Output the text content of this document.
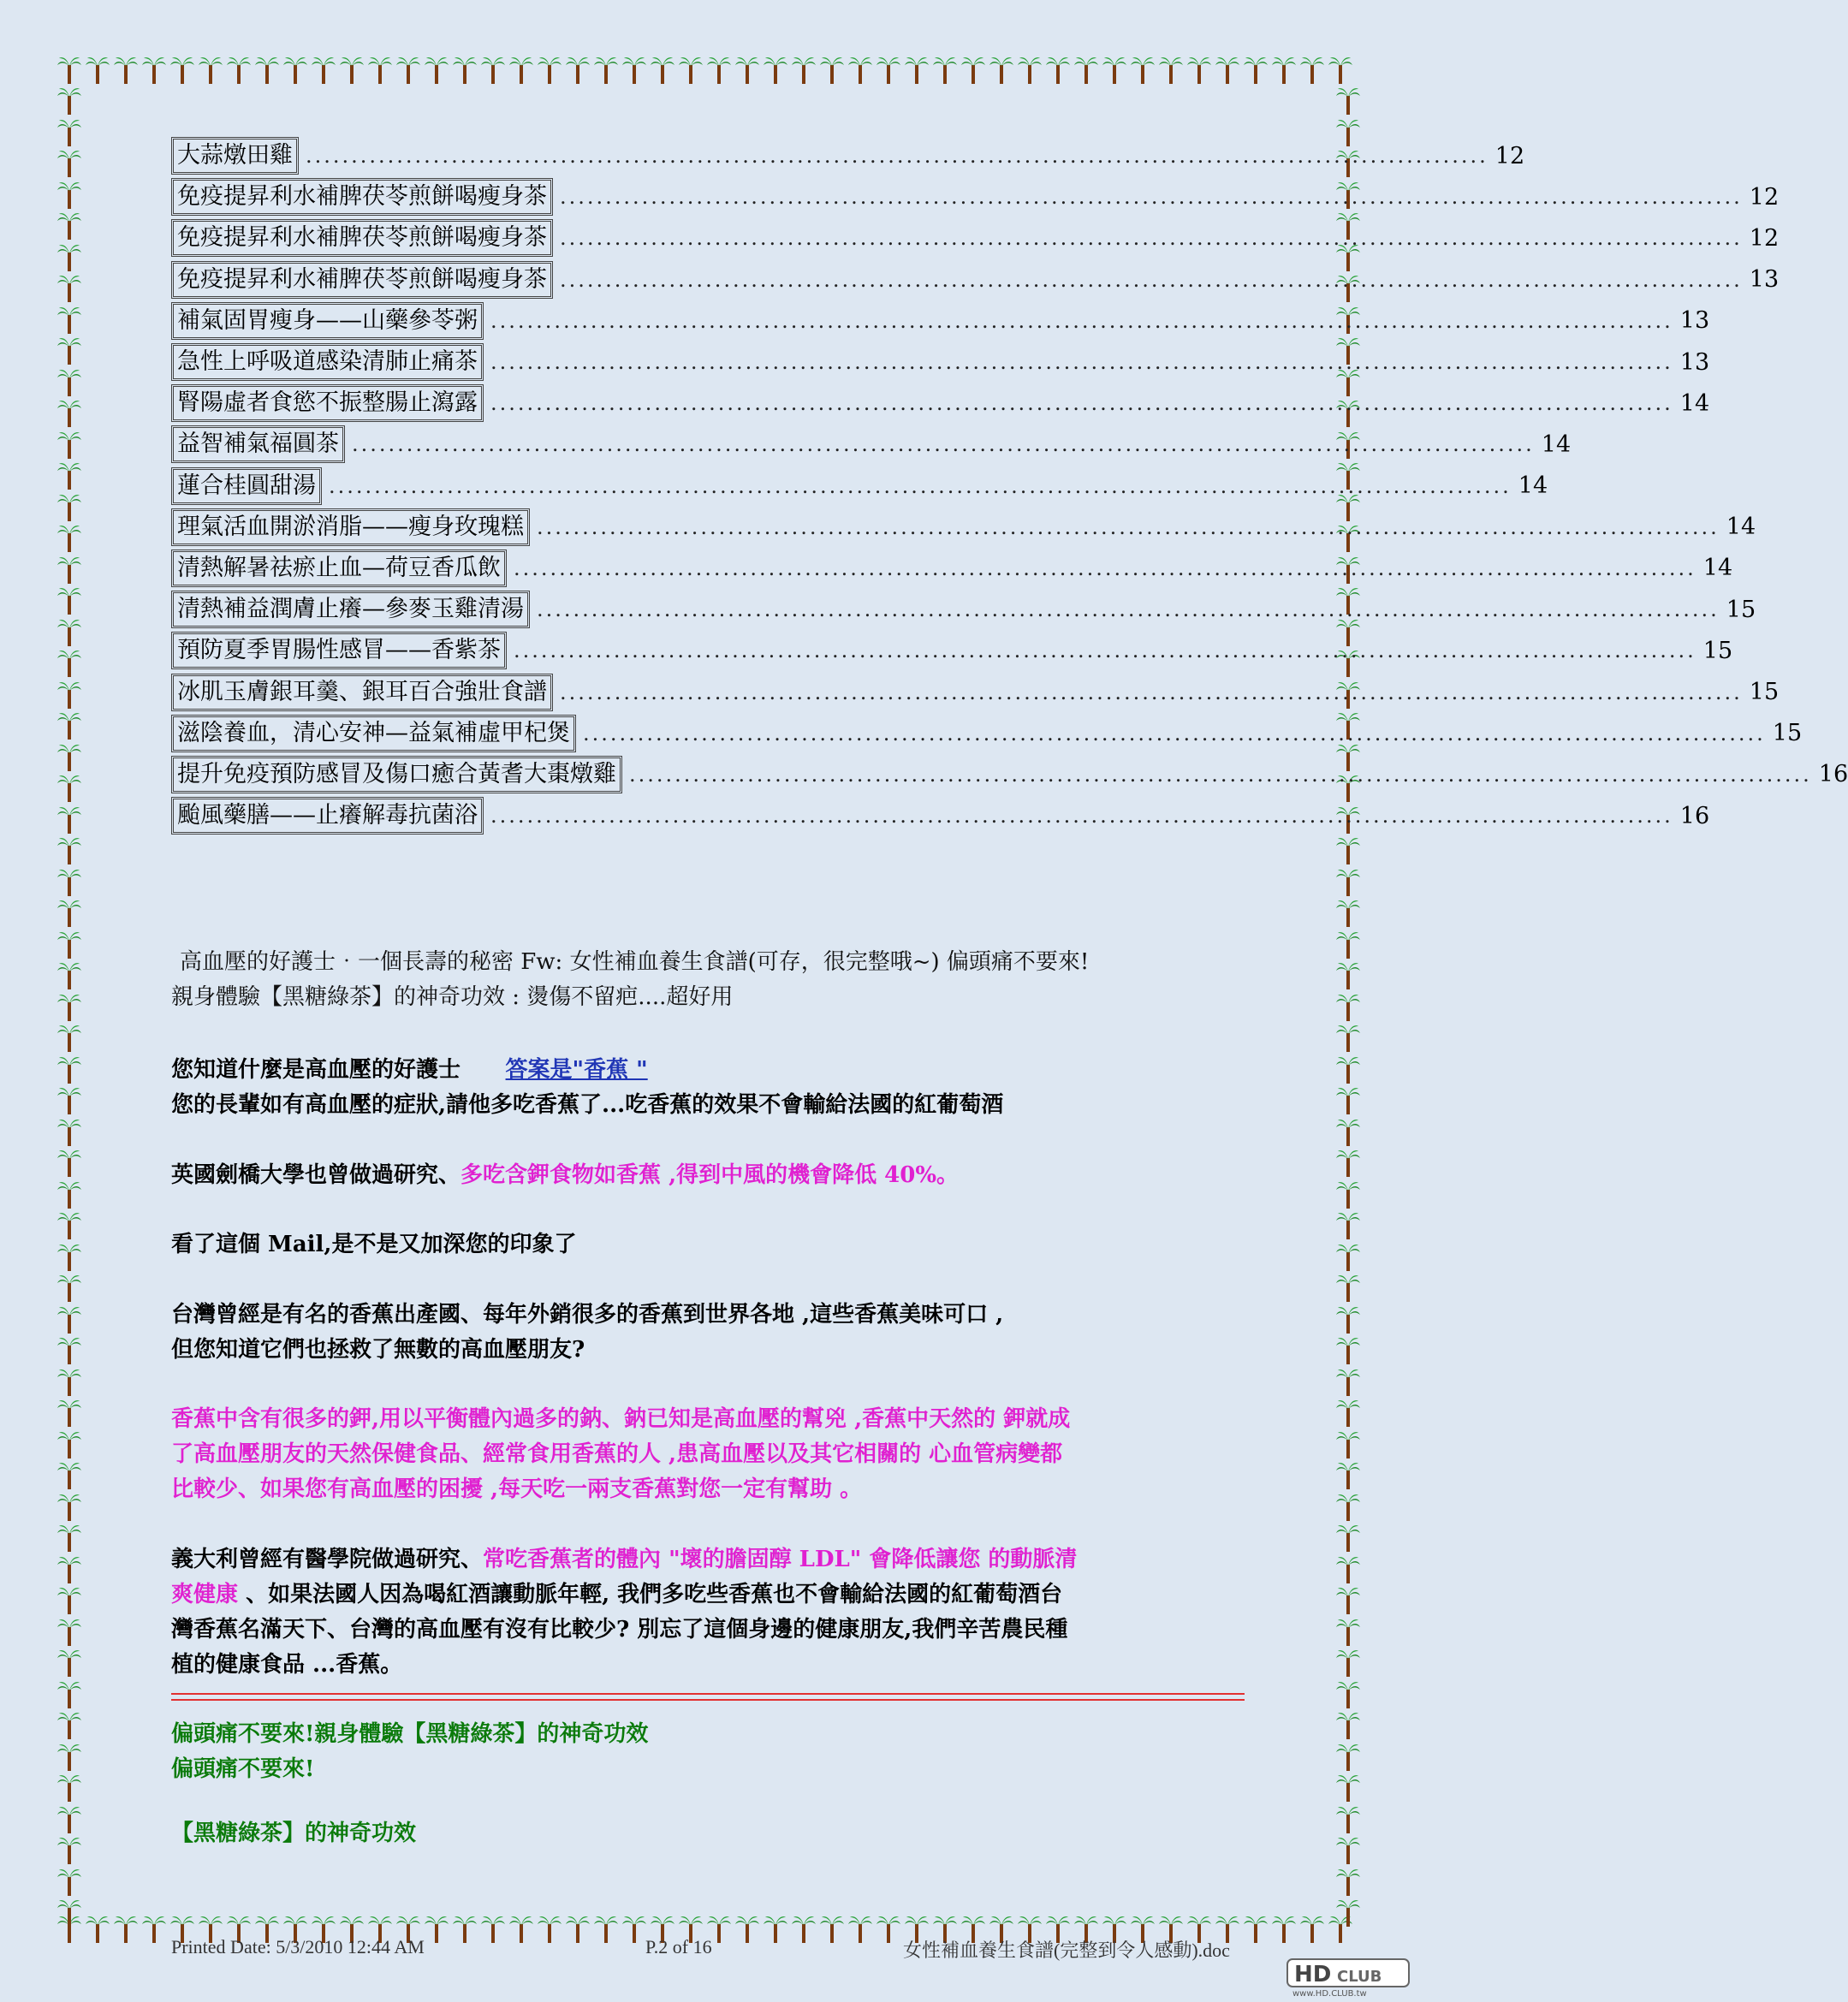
大蒜燉田雞 .................................................................................................................................. 12
免疫提昇利水補脾茯苓煎餅喝瘦身茶 .................................................................................................................................. 12
免疫提昇利水補脾茯苓煎餅喝瘦身茶 .................................................................................................................................. 12
免疫提昇利水補脾茯苓煎餅喝瘦身茶 .................................................................................................................................. 13
補氣固胃瘦身——山藥參苓粥 .................................................................................................................................. 13
急性上呼吸道感染清肺止痛茶 .................................................................................................................................. 13
腎陽虛者食慾不振整腸止瀉露 .................................................................................................................................. 14
益智補氣福圓茶 .................................................................................................................................. 14
蓮合桂圓甜湯 .................................................................................................................................. 14
理氣活血開淤消脂——瘦身玫瑰糕 .................................................................................................................................. 14
清熱解暑祛瘀止血—荷豆香瓜飲 .................................................................................................................................. 14
清熱補益潤膚止癢—參麥玉雞清湯 .................................................................................................................................. 15
預防夏季胃腸性感冒——香紫茶 .................................................................................................................................. 15
冰肌玉膚銀耳羹、銀耳百合強壯食譜 .................................................................................................................................. 15
滋陰養血，清心安神—益氣補虛甲杞煲 .................................................................................................................................. 15
提升免疫預防感冒及傷口癒合黃耆大棗燉雞 .................................................................................................................................. 16
颱風藥膳——止癢解毒抗菌浴 .................................................................................................................................. 16
高血壓的好護士‧一個長壽的秘密 Fw: 女性補血養生食譜(可存，很完整哦~) 偏頭痛不要來!
親身體驗【黑糖綠茶】的神奇功效 : 燙傷不留疤....超好用
您知道什麼是高血壓的好護士 答案是"香蕉 "
您的長輩如有高血壓的症狀,請他多吃香蕉了...吃香蕉的效果不會輸給法國的紅葡萄酒
英國劍橋大學也曾做過研究、多吃含鉀食物如香蕉 ,得到中風的機會降低 40%。
看了這個 Mail,是不是又加深您的印象了
台灣曾經是有名的香蕉出產國、每年外銷很多的香蕉到世界各地 ,這些香蕉美味可口 ,
但您知道它們也拯救了無數的高血壓朋友?
香蕉中含有很多的鉀,用以平衡體內過多的鈉、鈉已知是高血壓的幫兇 ,香蕉中天然的 鉀就成
了高血壓朋友的天然保健食品、經常食用香蕉的人 ,患高血壓以及其它相關的 心血管病變都
比較少、如果您有高血壓的困擾 ,每天吃一兩支香蕉對您一定有幫助 。
義大利曾經有醫學院做過研究、常吃香蕉者的體內 "壞的膽固醇 LDL" 會降低讓您 的動脈清
爽健康 、如果法國人因為喝紅酒讓動脈年輕, 我們多吃些香蕉也不會輸給法國的紅葡萄酒台
灣香蕉名滿天下、台灣的高血壓有沒有比較少? 別忘了這個身邊的健康朋友,我們辛苦農民種
植的健康食品 ...香蕉。
偏頭痛不要來!親身體驗【黑糖綠茶】的神奇功效
偏頭痛不要來!
【黑糖綠茶】的神奇功效
Printed Date: 5/3/2010 12:44 AM	P.2 of 16	女性補血養生食譜(完整到令人感動).doc
HD CLUB
www.HD.CLUB.tw
